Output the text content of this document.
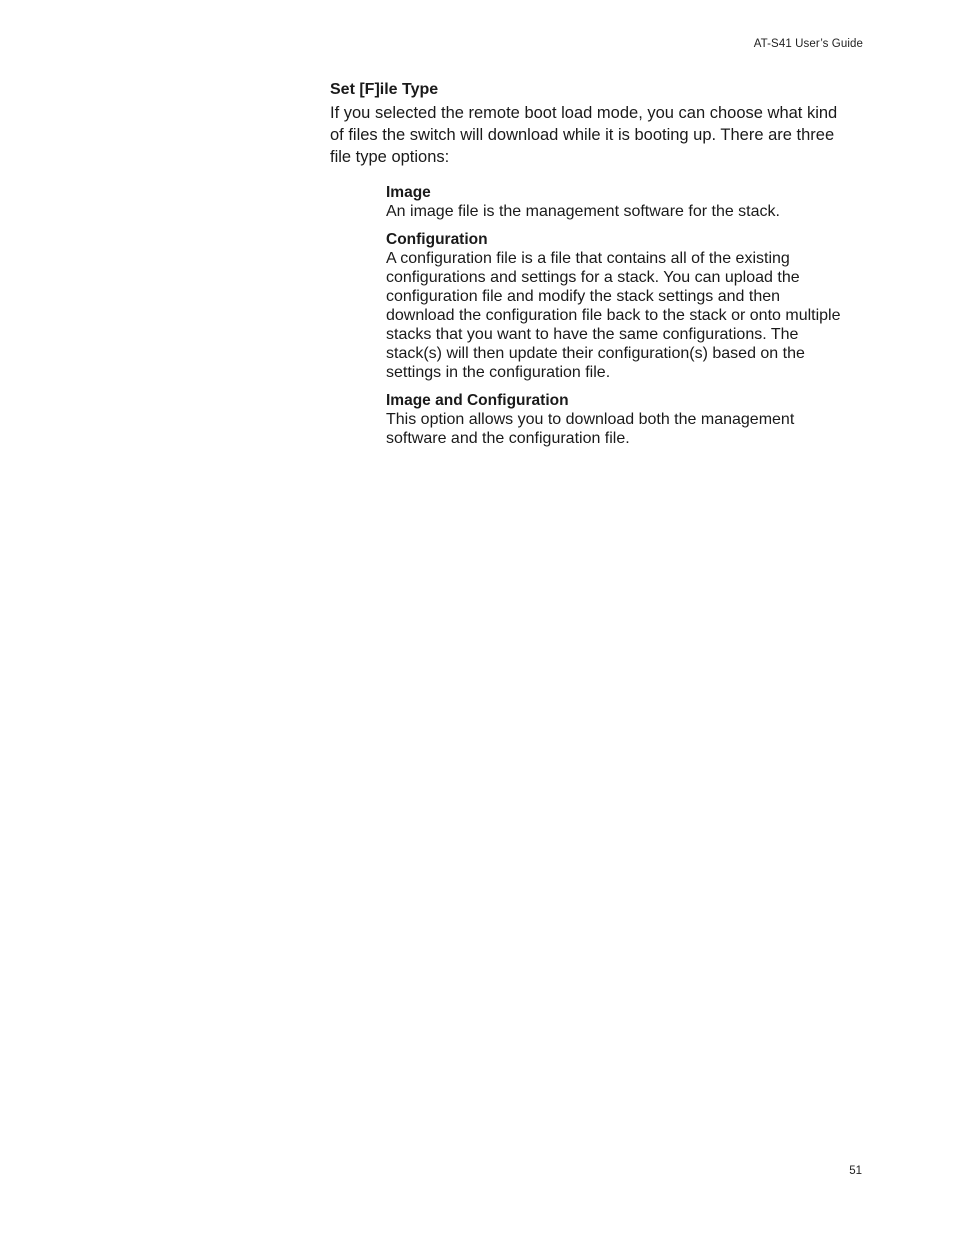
AT-S41 User’s Guide
Set [F]ile Type

If you selected the remote boot load mode, you can choose what kind of files the switch will download while it is booting up. There are three file type options:

Image
An image file is the management software for the stack.
Configuration
A configuration file is a file that contains all of the existing configurations and settings for a stack. You can upload the configuration file and modify the stack settings and then download the configuration file back to the stack or onto multiple stacks that you want to have the same configurations. The stack(s) will then update their configuration(s) based on the settings in the configuration file.
Image and Configuration
This option allows you to download both the management software and the configuration file.
51
